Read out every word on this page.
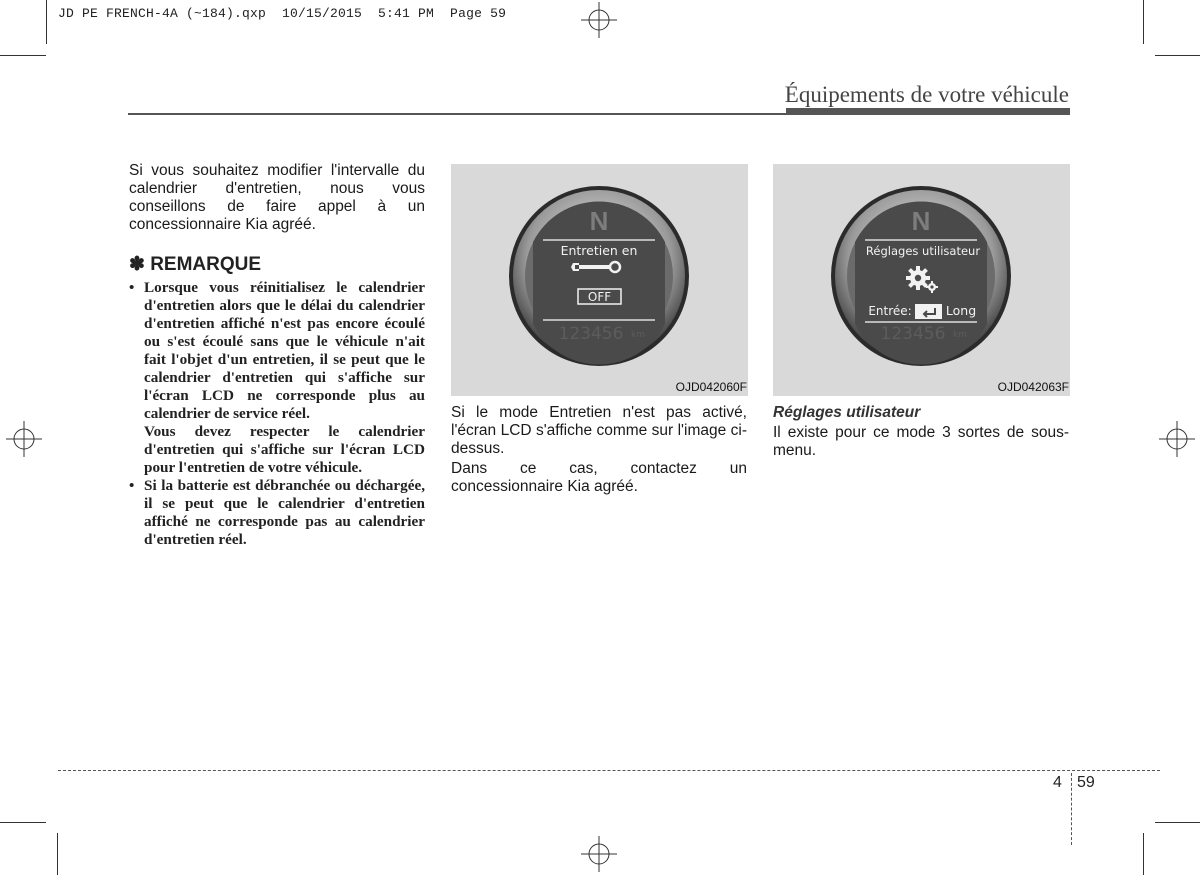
JD PE FRENCH-4A (~184).qxp  10/15/2015  5:41 PM  Page 59
Équipements de votre véhicule
Si vous souhaitez modifier l'intervalle du calendrier d'entretien, nous vous conseillons de faire appel à un concessionnaire Kia agréé.
✽ REMARQUE
• Lorsque vous réinitialisez le calendrier d'entretien alors que le délai du calendrier d'entretien affiché n'est pas encore écoulé ou s'est écoulé sans que le véhicule n'ait fait l'objet d'un entretien, il se peut que le calendrier d'entretien qui s'affiche sur l'écran LCD ne corresponde plus au calendrier de service réel.

Vous devez respecter le calendrier d'entretien qui s'affiche sur l'écran LCD pour l'entretien de votre véhicule.

• Si la batterie est débranchée ou déchargée, il se peut que le calendrier d'entretien affiché ne corresponde pas au calendrier d'entretien réel.

N
Entretien en
OFF
123456 km
OJD042060F
Si le mode Entretien n'est pas activé, l'écran LCD s'affiche comme sur l'image ci-dessus.
Dans ce cas, contactez un concessionnaire Kia agréé.
N
Réglages utilisateur
Entrée:	Long
123456 km
OJD042063F
Réglages utilisateur
Il existe pour ce mode 3 sortes de sous-menu.
4 59
